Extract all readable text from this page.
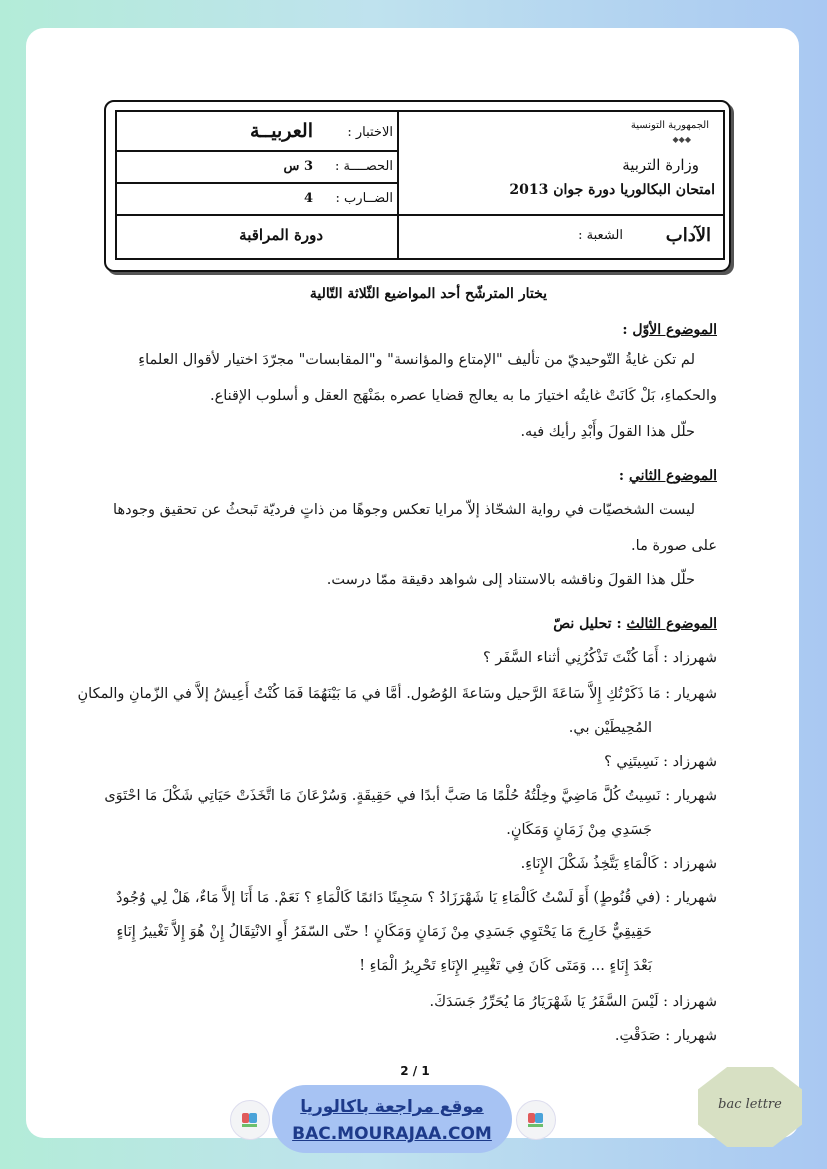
الجمهورية التونسية
◆◆◆
وزارة التربية
امتحان البكالوريا دورة جوان 2013
الشعبة :	الآداب
الاختبار :
العربيــة
الحصــــة :
3 س
الضــارب :
4
دورة المراقبة
يختار المترشّح أحد المواضيع الثّلاثة التّالية
الموضوع الأوّل :
لم تكن غايةُ التّوحيديّ من تأليف "الإمتاع والمؤانسة" و"المقابسات" مجرّدَ اختيار لأقوال العلماءِ
والحكماءِ، بَلْ كَانَتْ غايتُه اختيارَ ما به يعالج قضايا عصره بمَنْهَج العقل و أسلوب الإقناع.
حلّل هذا القولَ وأَبْدِ رأيك فيه.
الموضوع الثاني :
ليست الشخصيّات في رواية الشحّاذ إلاّ مرايا تعكس وجوهًا من ذاتٍ فرديّة تَبحثُ عن تحقيق وجودها
على صورة ما.
حلّل هذا القولَ وناقشه بالاستناد إلى شواهد دقيقة ممّا درست.
الموضوع الثالث : تحليل نصّ
شهرزاد : أَمَا كُنْتَ تَذْكُرُنِي أثناء السَّفَر ؟
شهريار : مَا ذَكَرْتُكِ إِلاَّ سَاعَةَ الرَّحيل وسَاعةَ الوُصُول. أمَّا في مَا بَيْنَهُمَا فَمَا كُنْتُ أَعِيشُ إلاَّ في الزّمانِ والمكانِ
المُحِيطَيْن بي.
شهرزاد : نَسِيتَنِي ؟
شهريار : نَسِيتُ كُلَّ مَاضِيَّ وخِلْتُهُ حُلْمًا مَا صَبَّ أبدًا في حَقِيقَةٍ. وَسُرْعَانَ مَا اتَّخَذَتْ حَيَاتِي شَكْلَ مَا احْتَوَى
جَسَدِي مِنْ زَمَانٍ وَمَكَانٍ.
شهرزاد : كَالْمَاءِ يَتَّخِذُ شَكْلَ الإِنَاءِ.
شهريار : (في قُنُوطٍ) أَوَ لَسْتُ كَالْمَاءِ يَا شَهْرَزَادُ ؟ سَجِينًا دَائمًا كَالْمَاءِ ؟ نَعَمْ. مَا أَنَا إلاَّ مَاءٌ، هَلْ لِي وُجُودٌ
حَقِيقِيٌّ خَارِجَ مَا يَحْتَوِي جَسَدِي مِنْ زَمَانٍ وَمَكَانٍ ! حتّى السّفَرُ أَوِ الانْتِقَالُ إِنْ هُوَ إِلاَّ تَغْييرُ إِنَاءٍ
بَعْدَ إِنَاءٍ ... وَمَتَى كَانَ فِي تَغْيِيرِ الإِنَاءِ تَحْرِيرُ الْمَاءِ !
شهرزاد : لَيْسَ السَّفَرُ يَا شَهْرَيَارُ مَا يُحَرِّرُ جَسَدَكَ.
شهريار : صَدَقْتِ.
2 / 1
موقع مراجعة باكالوريا
BAC.MOURAJAA.COM
bac lettre
